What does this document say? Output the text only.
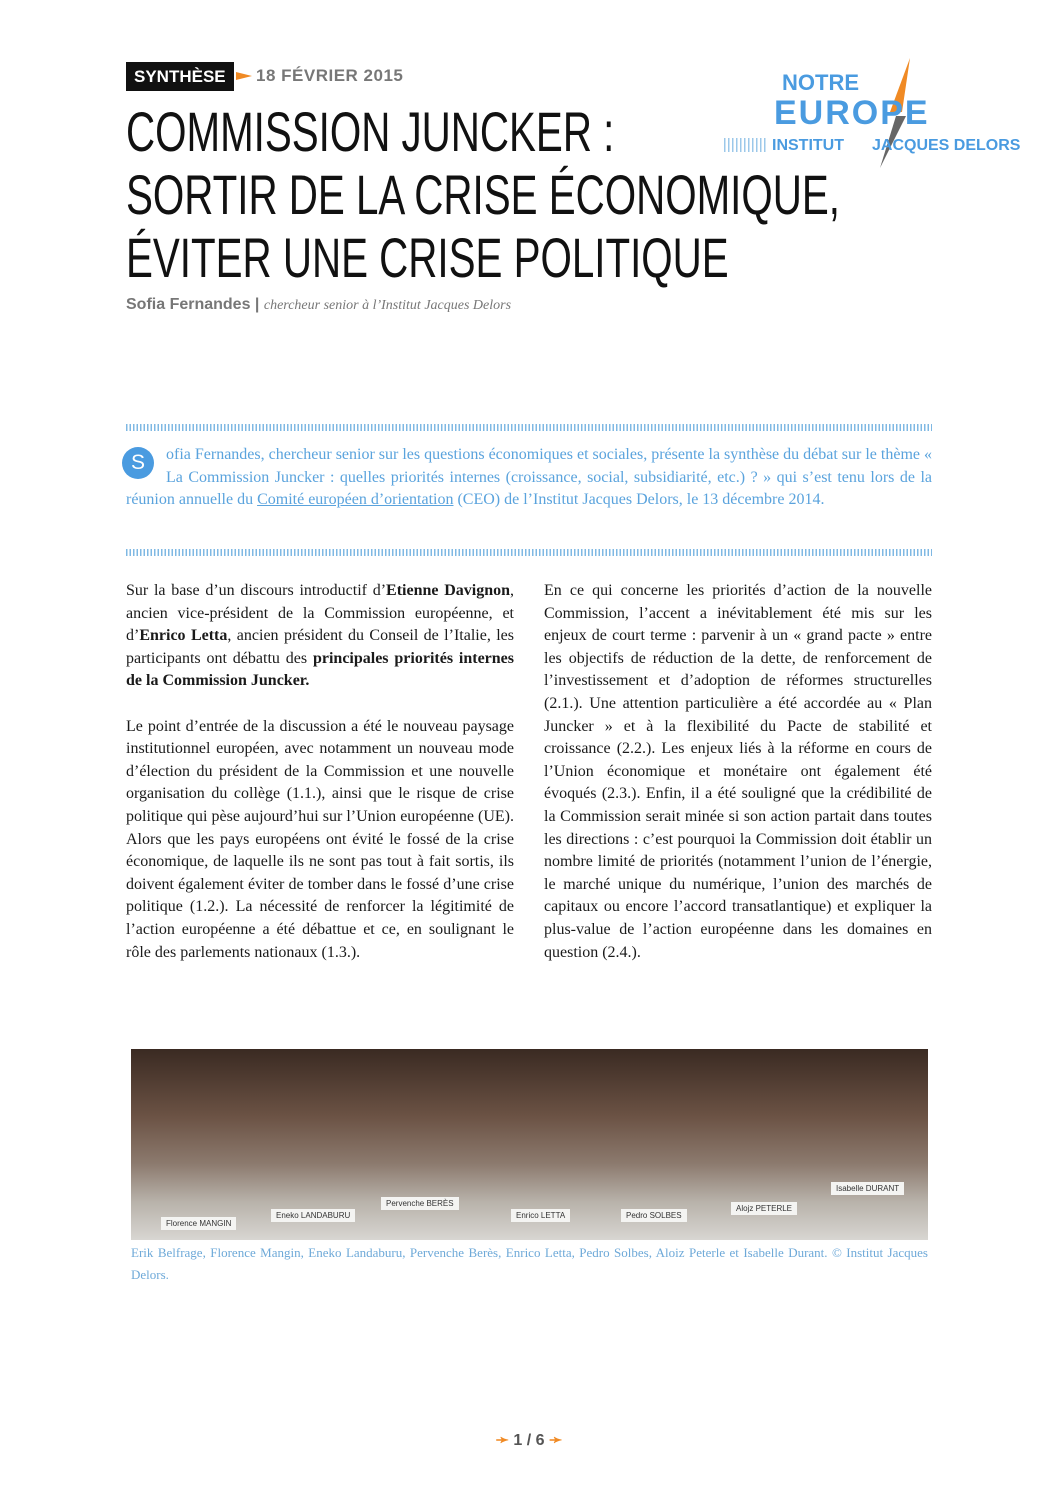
SYNTHÈSE	18 FÉVRIER 2015	NOTRE
EUROPE
INSTITUT JACQUES DELORS
COMMISSION JUNCKER :
SORTIR DE LA CRISE ÉCONOMIQUE,
ÉVITER UNE CRISE POLITIQUE
Sofia Fernandes | chercheur senior à l’Institut Jacques Delors
S	ofia Fernandes, chercheur senior sur les questions économiques et sociales, présente la synthèse du débat sur le thème « La Commission Juncker : quelles priorités internes (croissance, social, subsidiarité, etc.) ? » qui s’est tenu lors de la réunion annuelle du Comité européen d’orientation (CEO) de l’Institut Jacques Delors, le 13 décembre 2014.

Sur la base d’un discours introductif d’Etienne Davignon, ancien vice-président de la Commission européenne, et d’Enrico Letta, ancien président du Conseil de l’Italie, les participants ont débattu des principales priorités internes de la Commission Juncker.

Le point d’entrée de la discussion a été le nouveau paysage institutionnel européen, avec notamment un nouveau mode d’élection du président de la Commission et une nouvelle organisation du collège (1.1.), ainsi que le risque de crise politique qui pèse aujourd’hui sur l’Union européenne (UE). Alors que les pays européens ont évité le fossé de la crise économique, de laquelle ils ne sont pas tout à fait sortis, ils doivent également éviter de tomber dans le fossé d’une crise politique (1.2.). La nécessité de renforcer la légitimité de l’action européenne a été débattue et ce, en soulignant le rôle des parlements nationaux (1.3.).

En ce qui concerne les priorités d’action de la nouvelle Commission, l’accent a inévitablement été mis sur les enjeux de court terme : parvenir à un « grand pacte » entre les objectifs de réduction de la dette, de renforcement de l’investissement et d’adoption de réformes structurelles (2.1.). Une attention particulière a été accordée au « Plan Juncker » et à la flexibilité du Pacte de stabilité et croissance (2.2.). Les enjeux liés à la réforme en cours de l’Union économique et monétaire ont également été évoqués (2.3.). Enfin, il a été souligné que la crédibilité de la Commission serait minée si son action partait dans toutes les directions : c’est pourquoi la Commission doit établir un nombre limité de priorités (notamment l’union de l’énergie, le marché unique du numérique, l’union des marchés de capitaux ou encore l’accord transatlantique) et expliquer la plus-value de l’action européenne dans les domaines en question (2.4.).

Florence MANGIN
Eneko LANDABURU
Pervenche BERÈS
Enrico LETTA	Pedro SOLBES
Alojz PETERLE
Isabelle DURANT
Erik Belfrage, Florence Mangin, Eneko Landaburu, Pervenche Berès, Enrico Letta, Pedro Solbes, Aloiz Peterle et Isabelle Durant. © Institut Jacques Delors.
➛ 1 / 6 ➛
